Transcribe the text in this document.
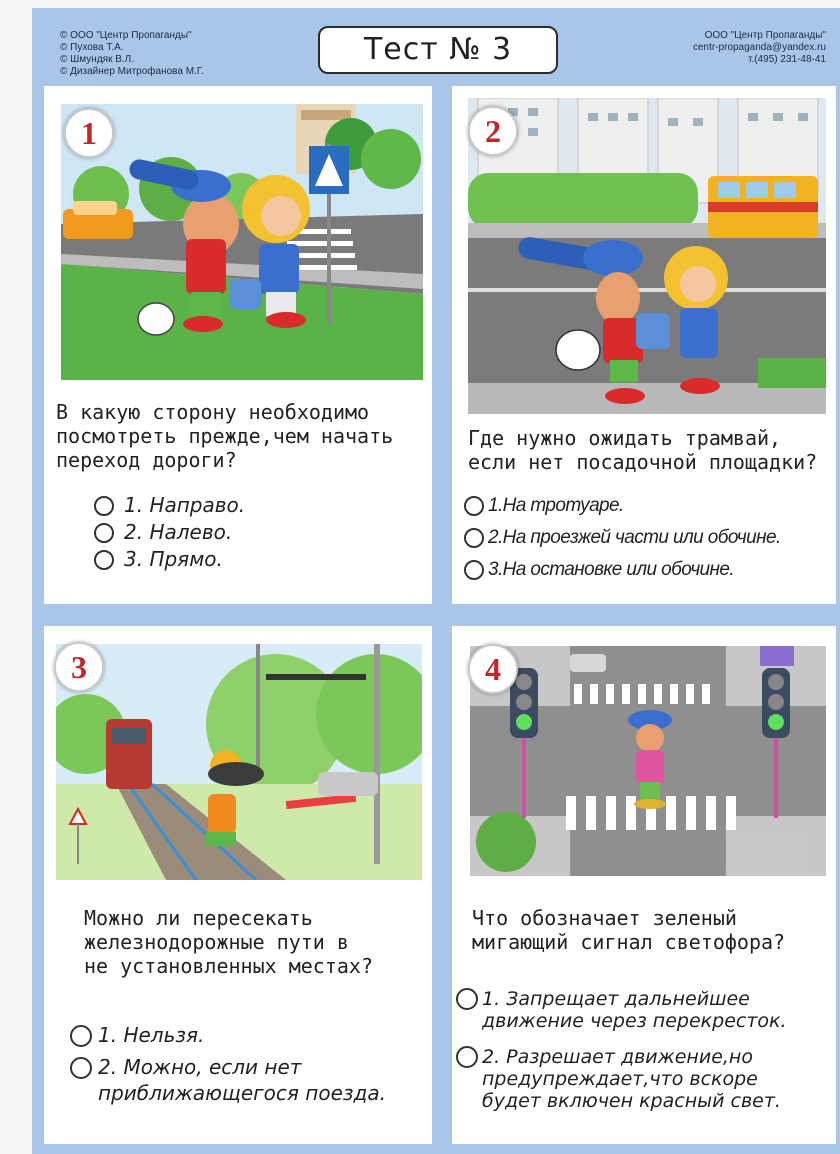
© ООО "Центр Пропаганды"
© Пухова Т.А.
© Шмундяк В.Л.
© Дизайнер Митрофанова М.Г.
Тест № 3	ООО "Центр Пропаганды"
centr-propaganda@yandex.ru
т.(495) 231-48-41
1
В какую сторону необходимо
посмотреть прежде,чем начать
переход дороги?
1. Направо.
2. Налево.
3. Прямо.
2
Где нужно ожидать трамвай,
если нет посадочной площадки?
1.На тротуаре.
2.На проезжей части или обочине.
3.На остановке или обочине.
3
Можно ли пересекать
железнодорожные пути в
не установленных местах?
1. Нельзя.
2. Можно, если нет
приближающегося поезда.
4
Что обозначает зеленый
мигающий сигнал светофора?
1. Запрещает дальнейшее
движение через перекресток.
2. Разрешает движение,но
предупреждает,что вскоре
будет включен красный свет.
